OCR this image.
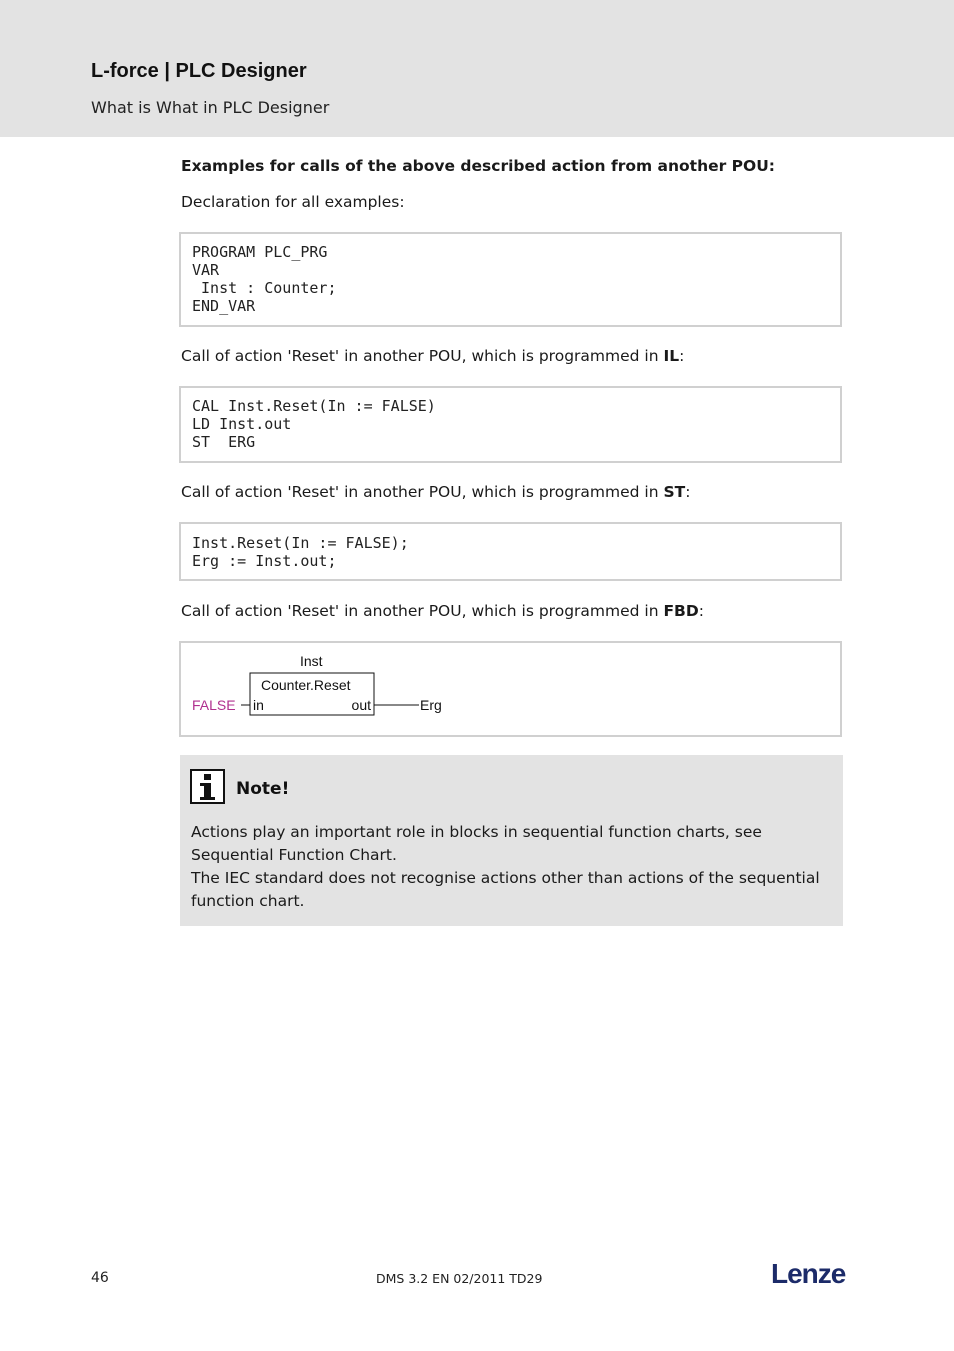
L-force | PLC Designer
What is What in PLC Designer
Examples for calls of the above described action from another POU:
Declaration for all examples:
PROGRAM PLC_PRG
VAR
Inst : Counter;
END_VAR
Call of action 'Reset' in another POU, which is programmed in IL:
CAL Inst.Reset(In := FALSE)
LD Inst.out
ST  ERG
Call of action 'Reset' in another POU, which is programmed in ST:
Inst.Reset(In := FALSE);
Erg := Inst.out;
Call of action 'Reset' in another POU, which is programmed in FBD:
Inst
Counter.Reset
in	out
FALSE	Erg
Note!
Actions play an important role in blocks in sequential function charts, see
Sequential Function Chart.
The IEC standard does not recognise actions other than actions of the sequential
function chart.
46	DMS 3.2 EN 02/2011 TD29	Lenze
